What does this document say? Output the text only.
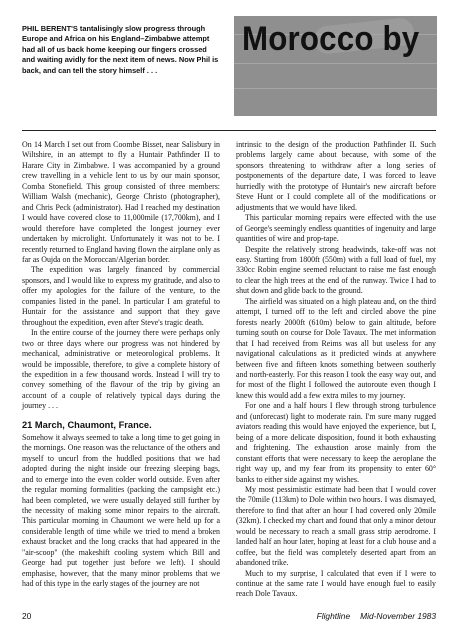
PHIL BERENT'S tantalisingly slow progress through Europe and Africa on his England–Zimbabwe attempt had all of us back home keeping our fingers crossed and waiting avidly for the next item of news. Now Phil is back, and can tell the story himself . . .

Morocco by

On 14 March I set out from Coombe Bisset, near Salisbury in Wiltshire, in an attempt to fly a Huntair Pathfinder II to Harare City in Zimbabwe. I was accompanied by a ground crew travelling in a vehicle lent to us by our main sponsor, Comba Stonefield. This group consisted of three members: William Walsh (mechanic), George Christo (photographer), and Chris Peck (administrator). Had I reached my destination I would have covered close to 11,000mile (17,700km), and I would therefore have completed the longest journey ever undertaken by microlight. Unfortunately it was not to be. I recently returned to England having flown the airplane only as far as Oujda on the Moroccan/Algerian border.

The expedition was largely financed by commercial sponsors, and I would like to express my gratitude, and also to offer my apologies for the failure of the venture, to the companies listed in the panel. In particular I am grateful to Huntair for the assistance and support that they gave throughout the expedition, even after Steve's tragic death.

In the entire course of the journey there were perhaps only two or three days where our progress was not hindered by mechanical, administrative or meteorological problems. It would be impossible, therefore, to give a complete history of the expedition in a few thousand words. Instead I will try to convey something of the flavour of the trip by giving an account of a couple of relatively typical days during the journey . . .

21 March, Chaumont, France.

Somehow it always seemed to take a long time to get going in the mornings. One reason was the reluctance of the others and myself to uncurl from the huddled positions that we had adopted during the night inside our freezing sleeping bags, and to emerge into the even colder world outside. Even after the regular morning formalities (packing the campsight etc.) had been completed, we were usually delayed still further by the necessity of making some minor repairs to the aircraft. This particular morning in Chaumont we were held up for a considerable length of time while we tried to mend a broken exhaust bracket and the long cracks that had appeared in the "air-scoop" (the makeshift cooling system which Bill and George had put together just before we left). I should emphasise, however, that the many minor problems that we had of this type in the early stages of the journey are not

intrinsic to the design of the production Pathfinder II. Such problems largely came about because, with some of the sponsors threatening to withdraw after a long series of postponements of the departure date, I was forced to leave hurriedly with the prototype of Huntair's new aircraft before Steve Hunt or I could complete all of the modifications or adjustments that we would have liked.

This particular morning repairs were effected with the use of George's seemingly endless quantities of ingenuity and large quantities of wire and prop-tape.

Despite the relatively strong headwinds, take-off was not easy. Starting from 1800ft (550m) with a full load of fuel, my 330cc Robin engine seemed reluctant to raise me fast enough to clear the high trees at the end of the runway. Twice I had to shut down and glide back to the ground.

The airfield was situated on a high plateau and, on the third attempt, I turned off to the left and circled above the pine forests nearly 2000ft (610m) below to gain altitude, before turning south on course for Dole Tavaux. The met information that I had received from Reims was all but useless for any navigational calculations as it predicted winds at anywhere between five and fifteen knots something between southerly and north-easterly. For this reason I took the easy way out, and for most of the flight I followed the autoroute even though I knew this would add a few extra miles to my journey.

For one and a half hours I flew through strong turbulence and (unforecast) light to moderate rain. I'm sure many rugged aviators reading this would have enjoyed the experience, but I, being of a more delicate disposition, found it both exhausting and frightening. The exhaustion arose mainly from the constant efforts that were necessary to keep the aeroplane the right way up, and my fear from its propensity to enter 60° banks to either side against my wishes.

My most pessimistic estimate had been that I would cover the 70mile (113km) to Dole within two hours. I was dismayed, therefore to find that after an hour I had covered only 20mile (32km). I checked my chart and found that only a minor detour would be necessary to reach a small grass strip aerodrome. I landed half an hour later, hoping at least for a club house and a coffee, but the field was completely deserted apart from an abandoned trike.

Much to my surprise, I calculated that even if I were to continue at the same rate I would have enough fuel to easily reach Dole Tavaux.

20	Flightline Mid-November 1983
